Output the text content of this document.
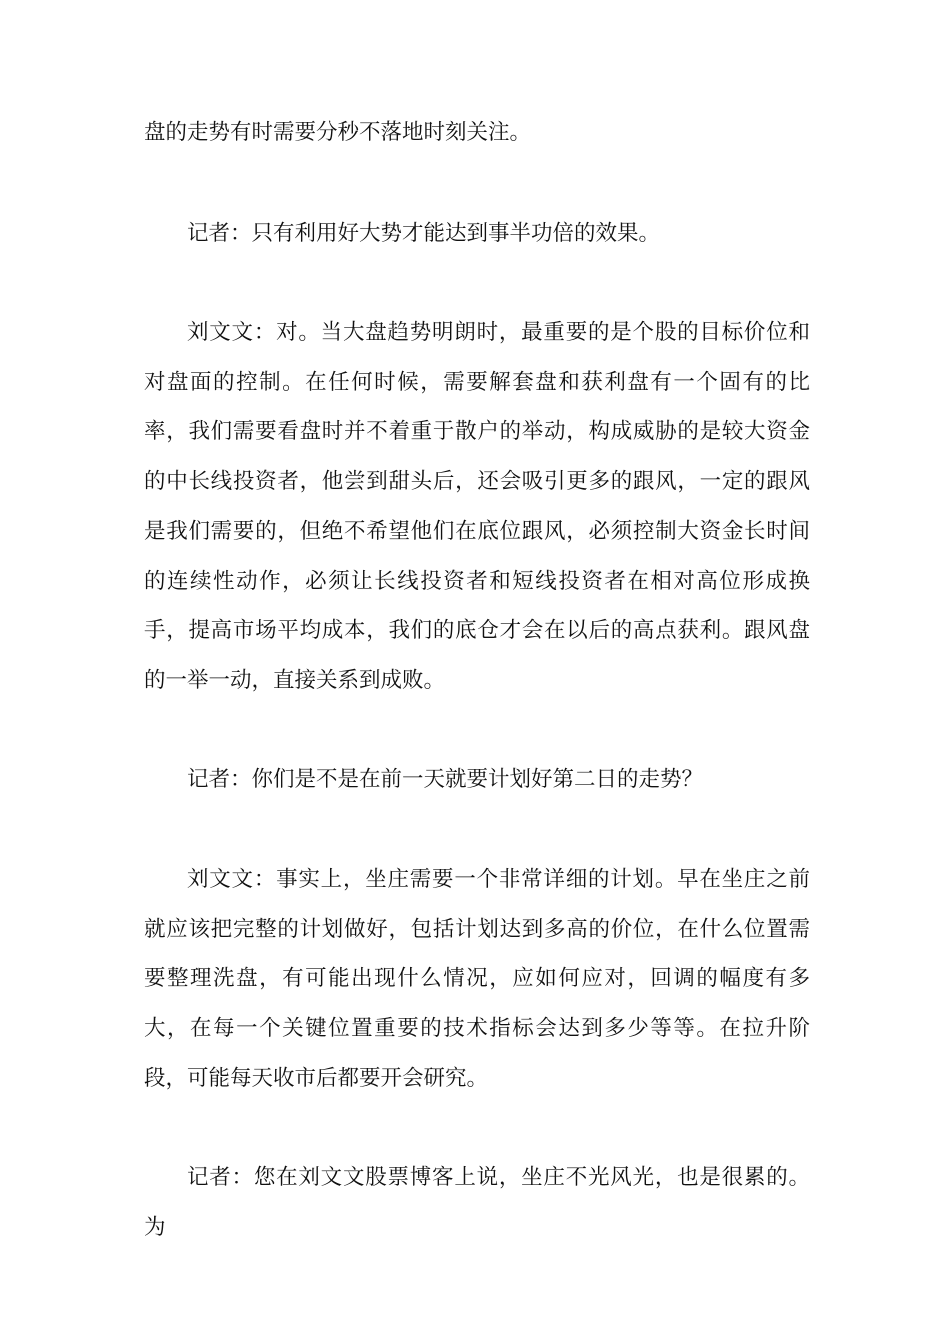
盘的走势有时需要分秒不落地时刻关注。

记者：只有利用好大势才能达到事半功倍的效果。

刘文文：对。当大盘趋势明朗时，最重要的是个股的目标价位和对盘面的控制。在任何时候，需要解套盘和获利盘有一个固有的比率，我们需要看盘时并不着重于散户的举动，构成威胁的是较大资金的中长线投资者，他尝到甜头后，还会吸引更多的跟风，一定的跟风是我们需要的，但绝不希望他们在底位跟风，必须控制大资金长时间的连续性动作，必须让长线投资者和短线投资者在相对高位形成换手，提高市场平均成本，我们的底仓才会在以后的高点获利。跟风盘的一举一动，直接关系到成败。

记者：你们是不是在前一天就要计划好第二日的走势？

刘文文：事实上，坐庄需要一个非常详细的计划。早在坐庄之前就应该把完整的计划做好，包括计划达到多高的价位，在什么位置需要整理洗盘，有可能出现什么情况，应如何应对，回调的幅度有多大，在每一个关键位置重要的技术指标会达到多少等等。在拉升阶段，可能每天收市后都要开会研究。

记者：您在刘文文股票博客上说，坐庄不光风光，也是很累的。 为
